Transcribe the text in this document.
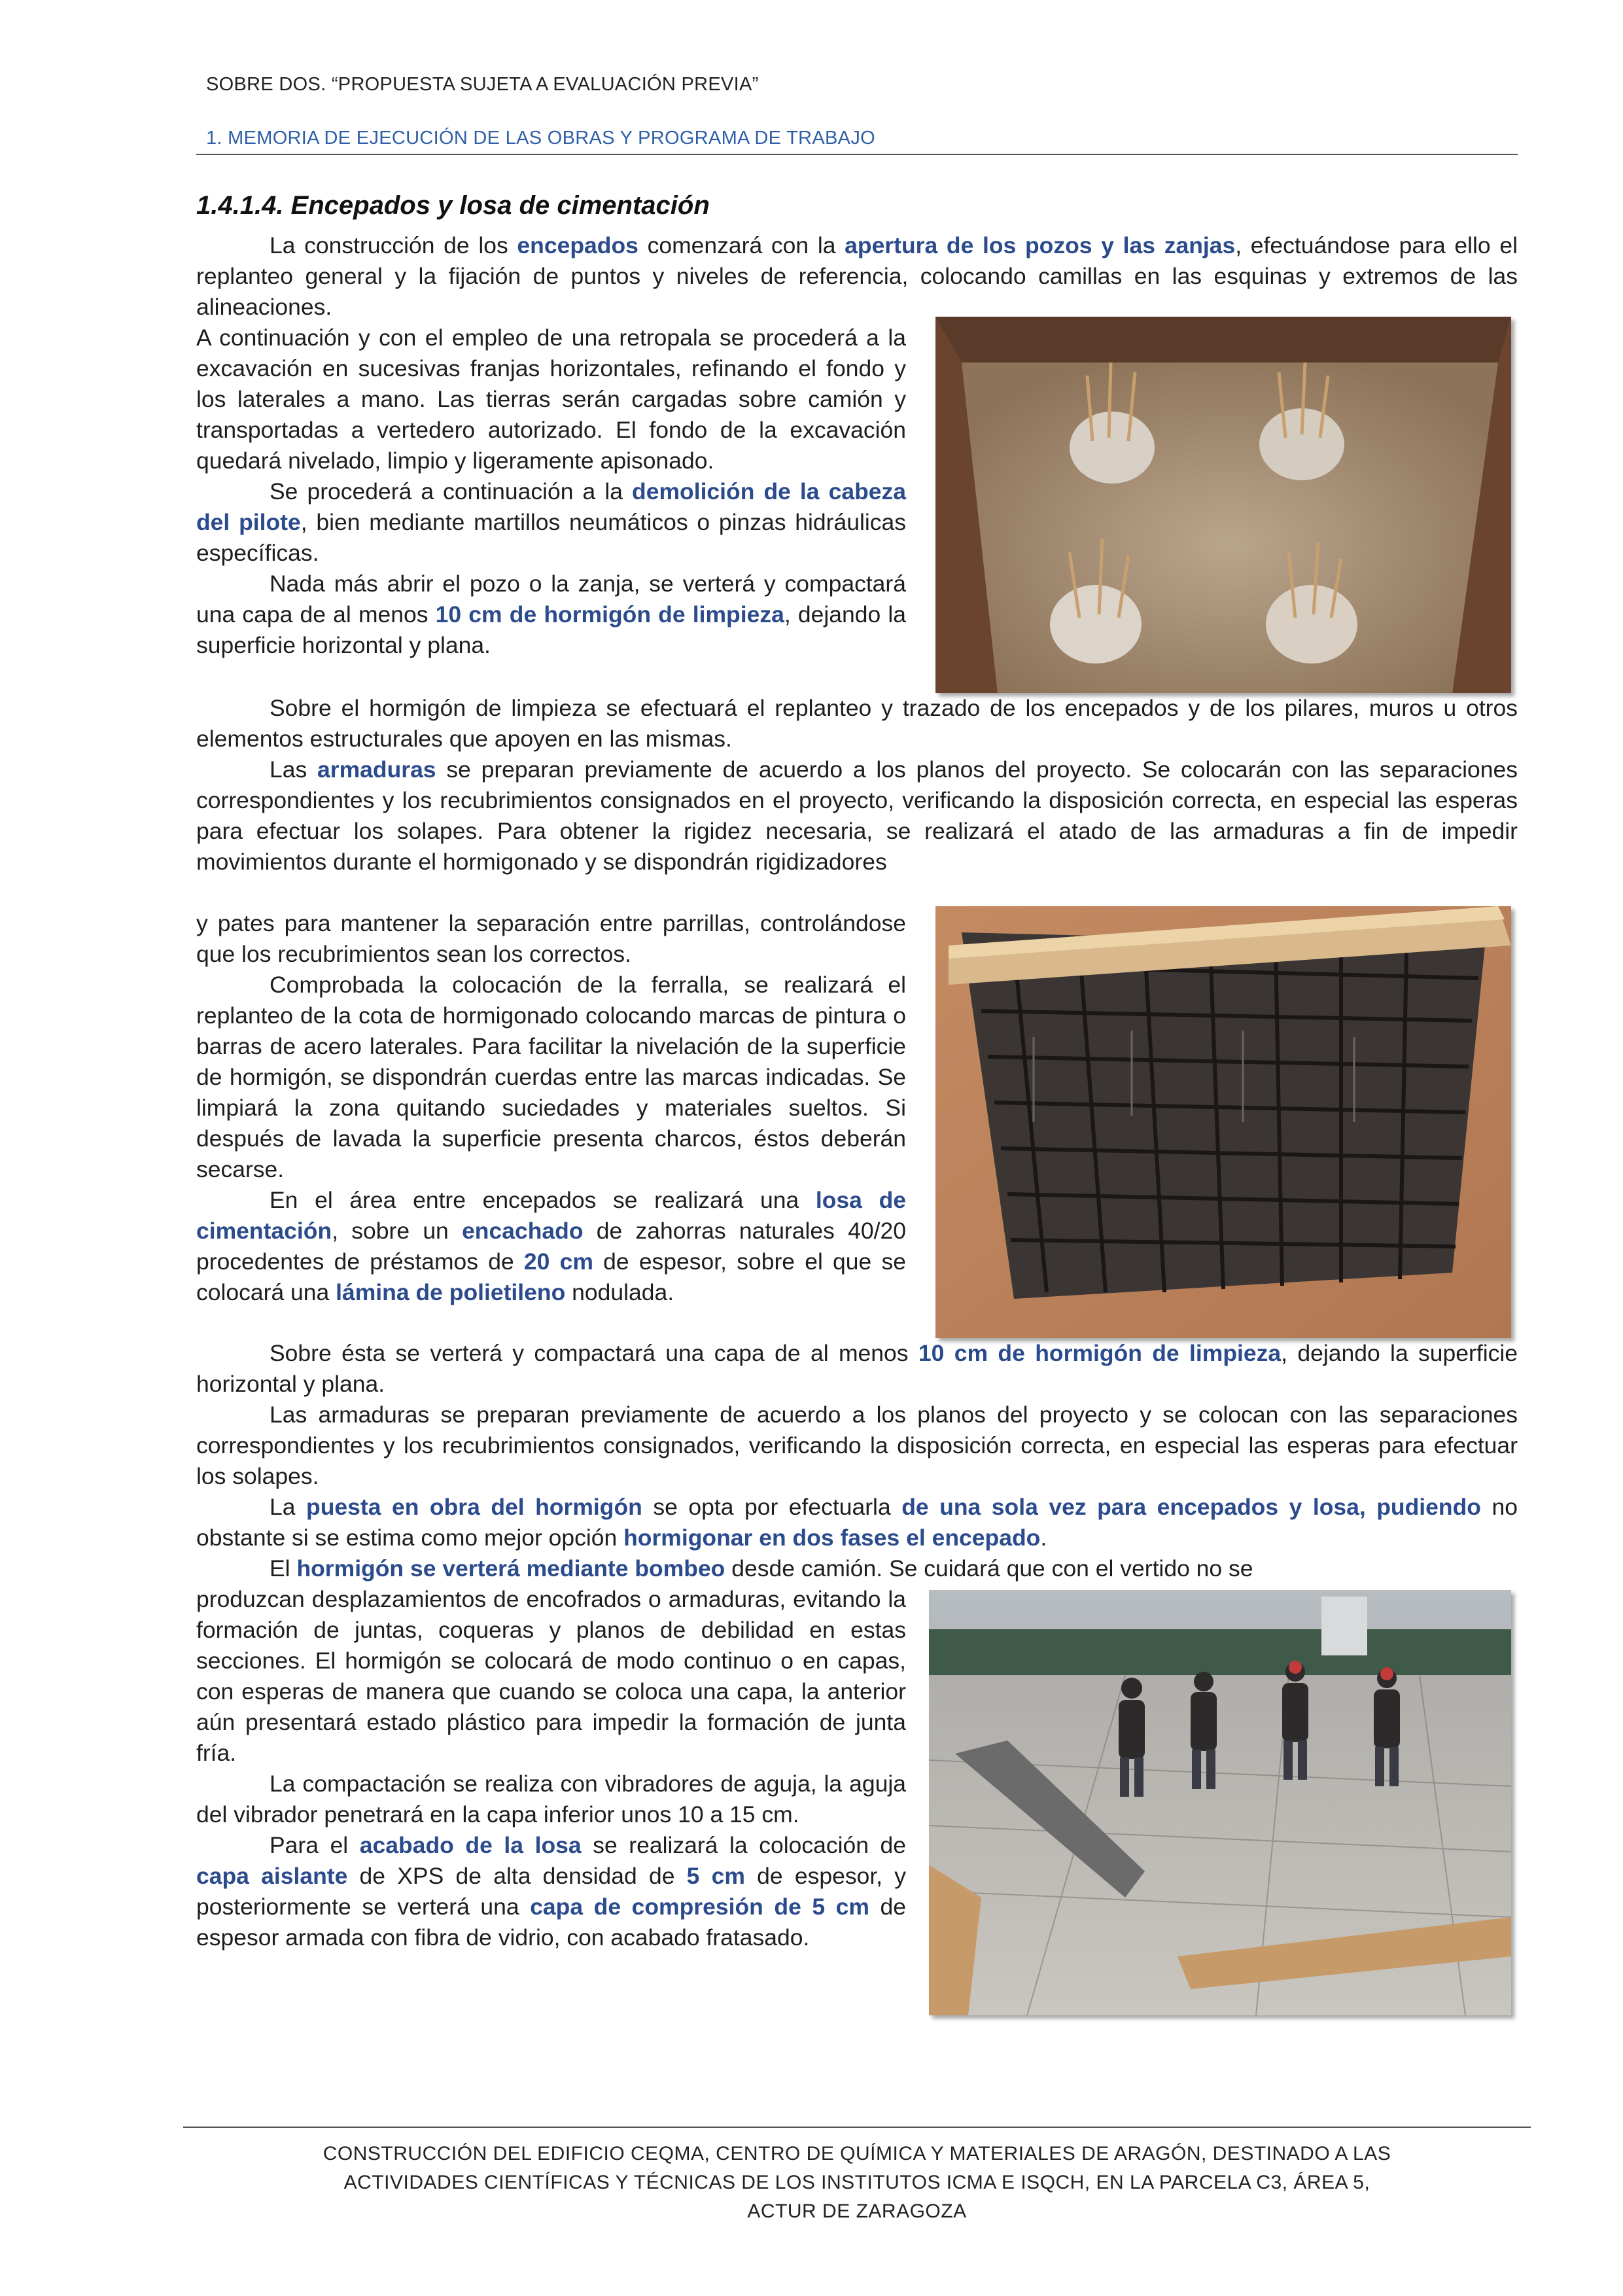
SOBRE DOS. “PROPUESTA SUJETA A EVALUACIÓN PREVIA”
1. MEMORIA DE EJECUCIÓN DE LAS OBRAS Y PROGRAMA DE TRABAJO
1.4.1.4. Encepados y losa de cimentación

La construcción de los encepados comenzará con la apertura de los pozos y las zanjas, efectuándose para ello el replanteo general y la fijación de puntos y niveles de referencia, colocando camillas en las esquinas y extremos de las alineaciones.

A continuación y con el empleo de una retropala se procederá a la excavación en sucesivas franjas horizontales, refinando el fondo y los laterales a mano. Las tierras serán cargadas sobre camión y transportadas a vertedero autorizado. El fondo de la excavación quedará nivelado, limpio y ligeramente apisonado.

Se procederá a continuación a la demolición de la cabeza del pilote, bien mediante martillos neumáticos o pinzas hidráulicas específicas.

Nada más abrir el pozo o la zanja, se verterá y compactará una capa de al menos 10 cm de hormigón de limpieza, dejando la superficie horizontal y plana.

Sobre el hormigón de limpieza se efectuará el replanteo y trazado de los encepados y de los pilares, muros u otros elementos estructurales que apoyen en las mismas.

Las armaduras se preparan previamente de acuerdo a los planos del proyecto. Se colocarán con las separaciones correspondientes y los recubrimientos consignados en el proyecto, verificando la disposición correcta, en especial las esperas para efectuar los solapes. Para obtener la rigidez necesaria, se realizará el atado de las armaduras a fin de impedir movimientos durante el hormigonado y se dispondrán rigidizadores

y pates para mantener la separación entre parrillas, controlándose que los recubrimientos sean los correctos.

Comprobada la colocación de la ferralla, se realizará el replanteo de la cota de hormigonado colocando marcas de pintura o barras de acero laterales. Para facilitar la nivelación de la superficie de hormigón, se dispondrán cuerdas entre las marcas indicadas. Se limpiará la zona quitando suciedades y materiales sueltos. Si después de lavada la superficie presenta charcos, éstos deberán secarse.

En el área entre encepados se realizará una losa de cimentación, sobre un encachado de zahorras naturales 40/20 procedentes de préstamos de 20 cm de espesor, sobre el que se colocará una lámina de polietileno nodulada.

Sobre ésta se verterá y compactará una capa de al menos 10 cm de hormigón de limpieza, dejando la superficie horizontal y plana.

Las armaduras se preparan previamente de acuerdo a los planos del proyecto y se colocan con las separaciones correspondientes y los recubrimientos consignados, verificando la disposición correcta, en especial las esperas para efectuar los solapes.

La puesta en obra del hormigón se opta por efectuarla de una sola vez para encepados y losa, pudiendo no obstante si se estima como mejor opción hormigonar en dos fases el encepado.

El hormigón se verterá mediante bombeo desde camión. Se cuidará que con el vertido no se

produzcan desplazamientos de encofrados o armaduras, evitando la formación de juntas, coqueras y planos de debilidad en estas secciones. El hormigón se colocará de modo continuo o en capas, con esperas de manera que cuando se coloca una capa, la anterior aún presentará estado plástico para impedir la formación de junta fría.

La compactación se realiza con vibradores de aguja, la aguja del vibrador penetrará en la capa inferior unos 10 a 15 cm.

Para el acabado de la losa se realizará la colocación de capa aislante de XPS de alta densidad de 5 cm de espesor, y posteriormente se verterá una capa de compresión de 5 cm de espesor armada con fibra de vidrio, con acabado fratasado.

CONSTRUCCIÓN DEL EDIFICIO CEQMA, CENTRO DE QUÍMICA Y MATERIALES DE ARAGÓN, DESTINADO A LAS
ACTIVIDADES CIENTÍFICAS Y TÉCNICAS DE LOS INSTITUTOS ICMA E ISQCH, EN LA PARCELA C3, ÁREA 5,
ACTUR DE ZARAGOZA
